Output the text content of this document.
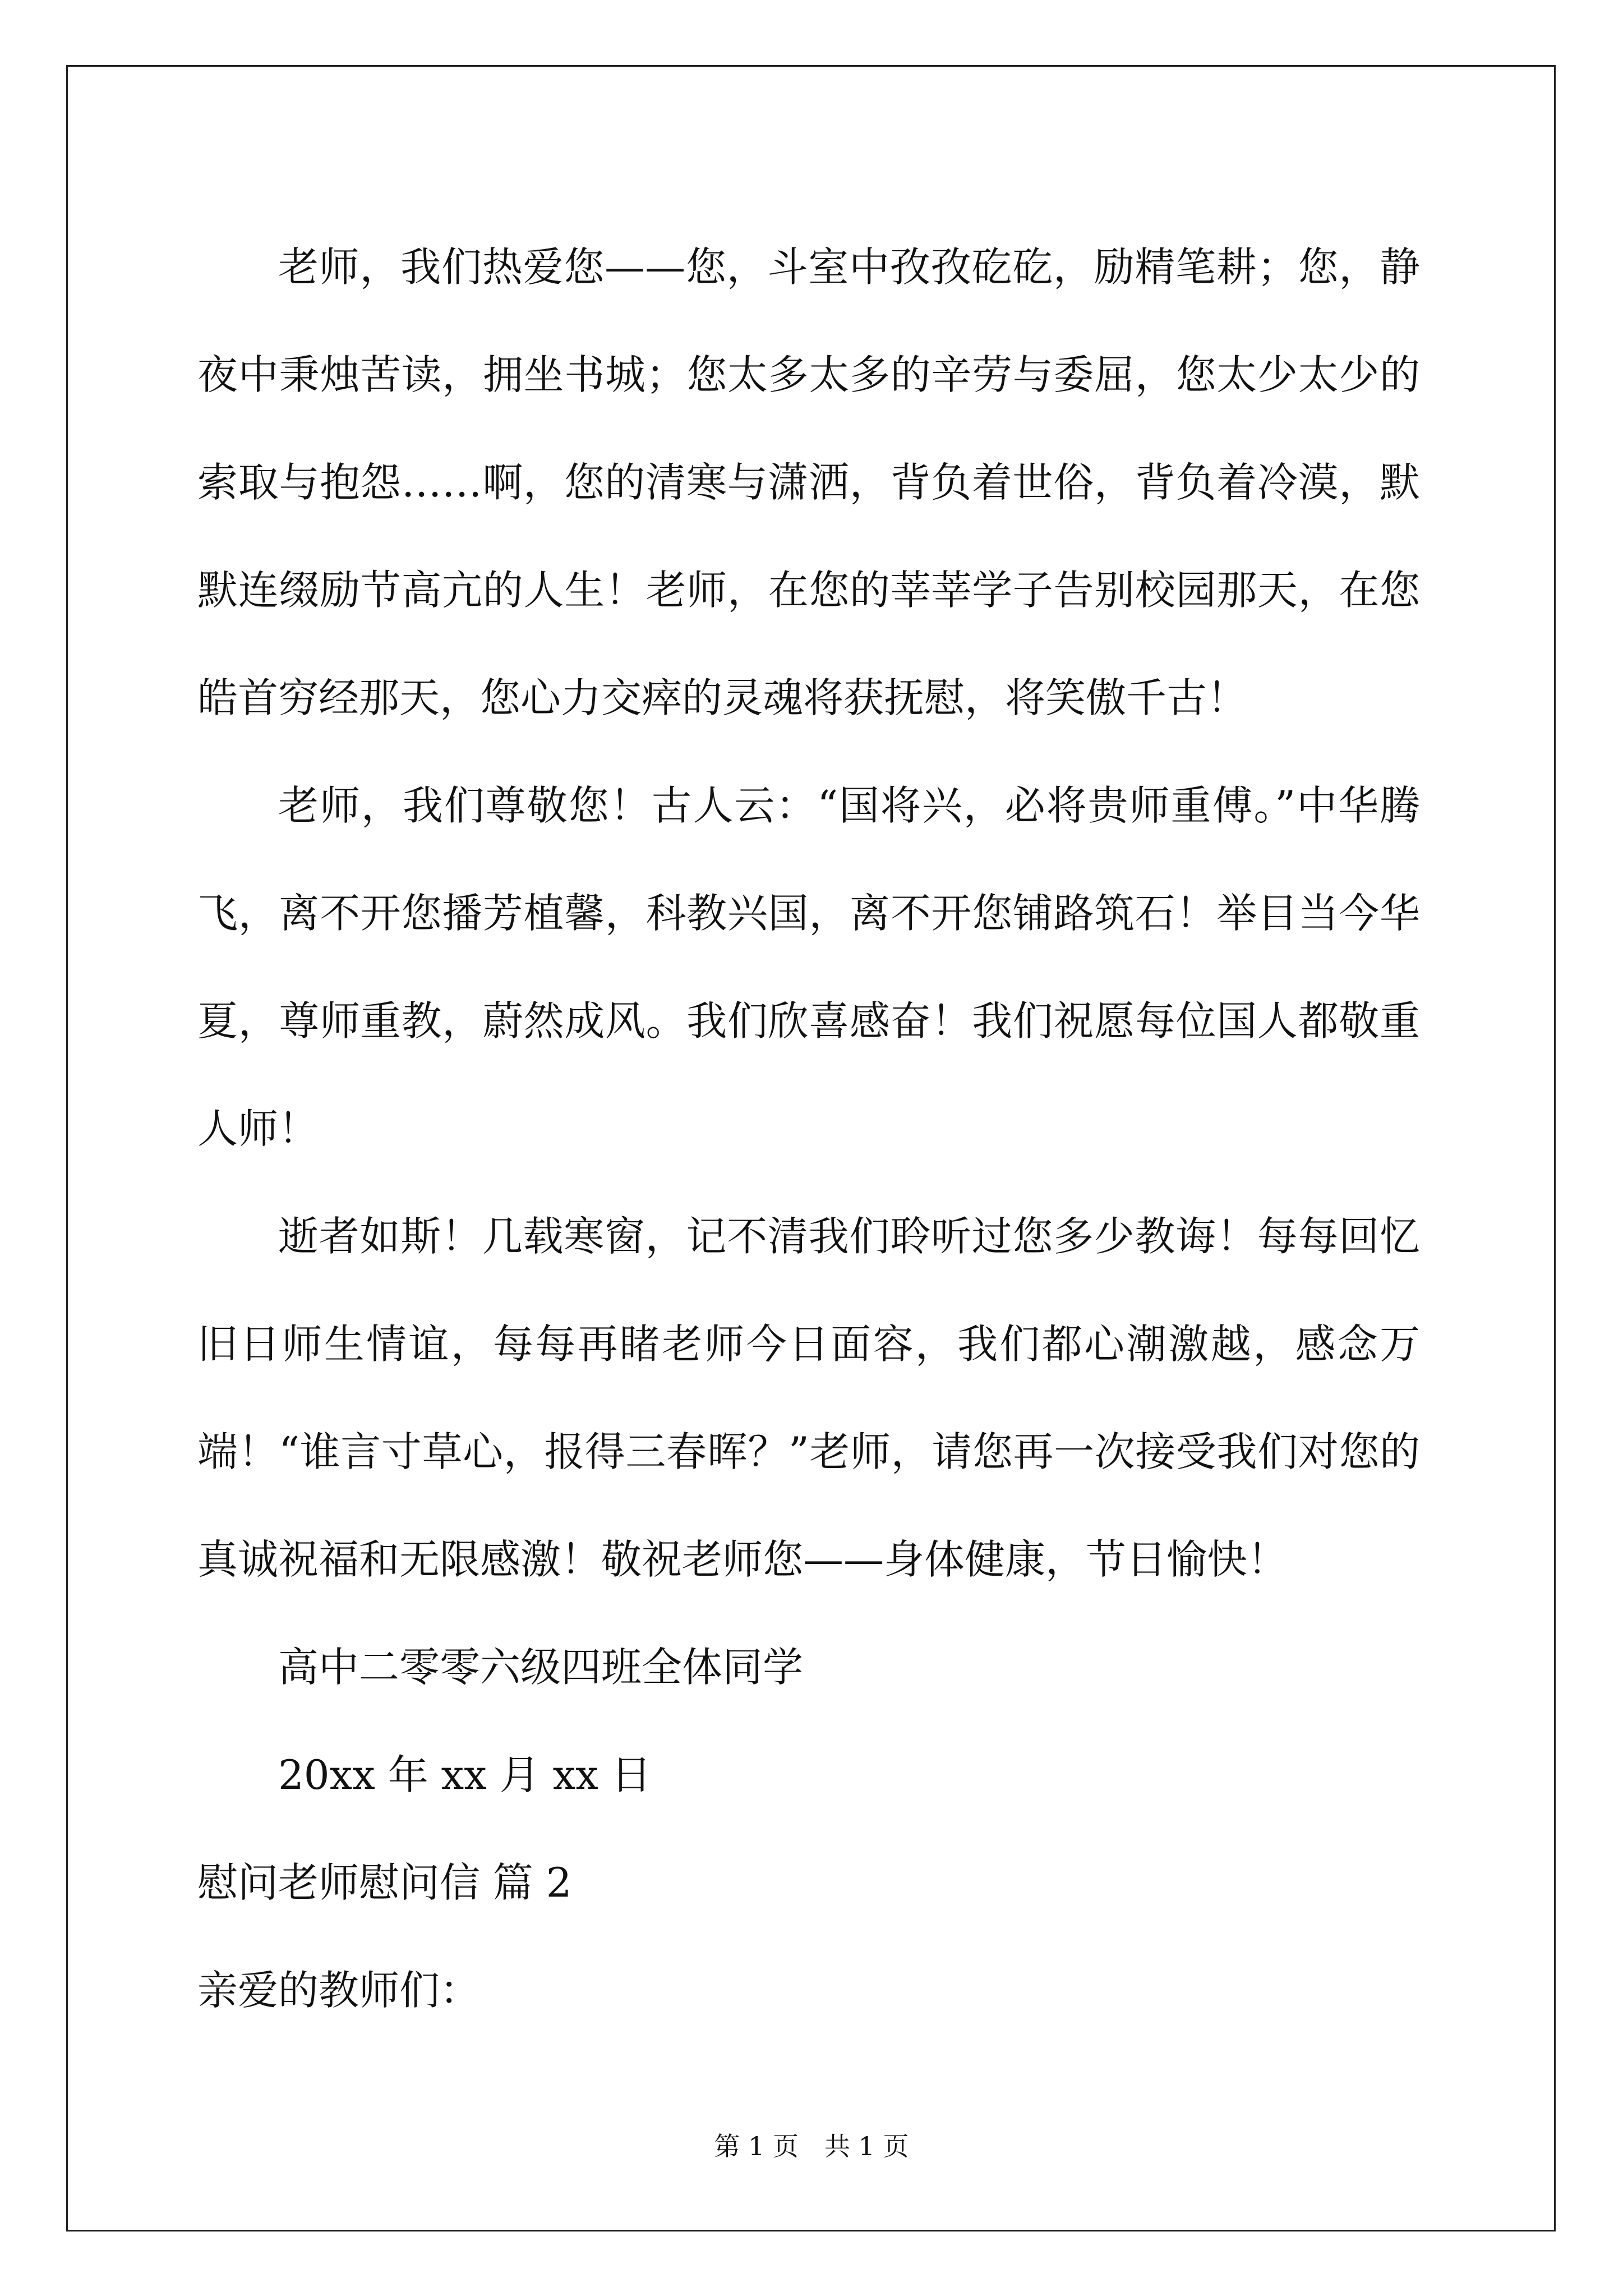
老师，我们热爱您——您，斗室中孜孜矻矻，励精笔耕；您，静夜中秉烛苦读，拥坐书城；您太多太多的辛劳与委屈，您太少太少的索取与抱怨……啊，您的清寒与潇洒，背负着世俗，背负着冷漠，默默连缀励节高亢的人生！老师，在您的莘莘学子告别校园那天，在您皓首穷经那天，您心力交瘁的灵魂将获抚慰，将笑傲千古！

老师，我们尊敬您！古人云：“国将兴，必将贵师重傅。”中华腾飞，离不开您播芳植馨，科教兴国，离不开您铺路筑石！举目当今华夏，尊师重教，蔚然成风。我们欣喜感奋！我们祝愿每位国人都敬重人师！

逝者如斯！几载寒窗，记不清我们聆听过您多少教诲！每每回忆旧日师生情谊，每每再睹老师今日面容，我们都心潮激越，感念万端！“谁言寸草心，报得三春晖？”老师，请您再一次接受我们对您的真诚祝福和无限感激！敬祝老师您——身体健康，节日愉快！

高中二零零六级四班全体同学

20xx 年 xx 月 xx 日

慰问老师慰问信 篇 2

亲爱的教师们：

第 1 页　共 1 页
